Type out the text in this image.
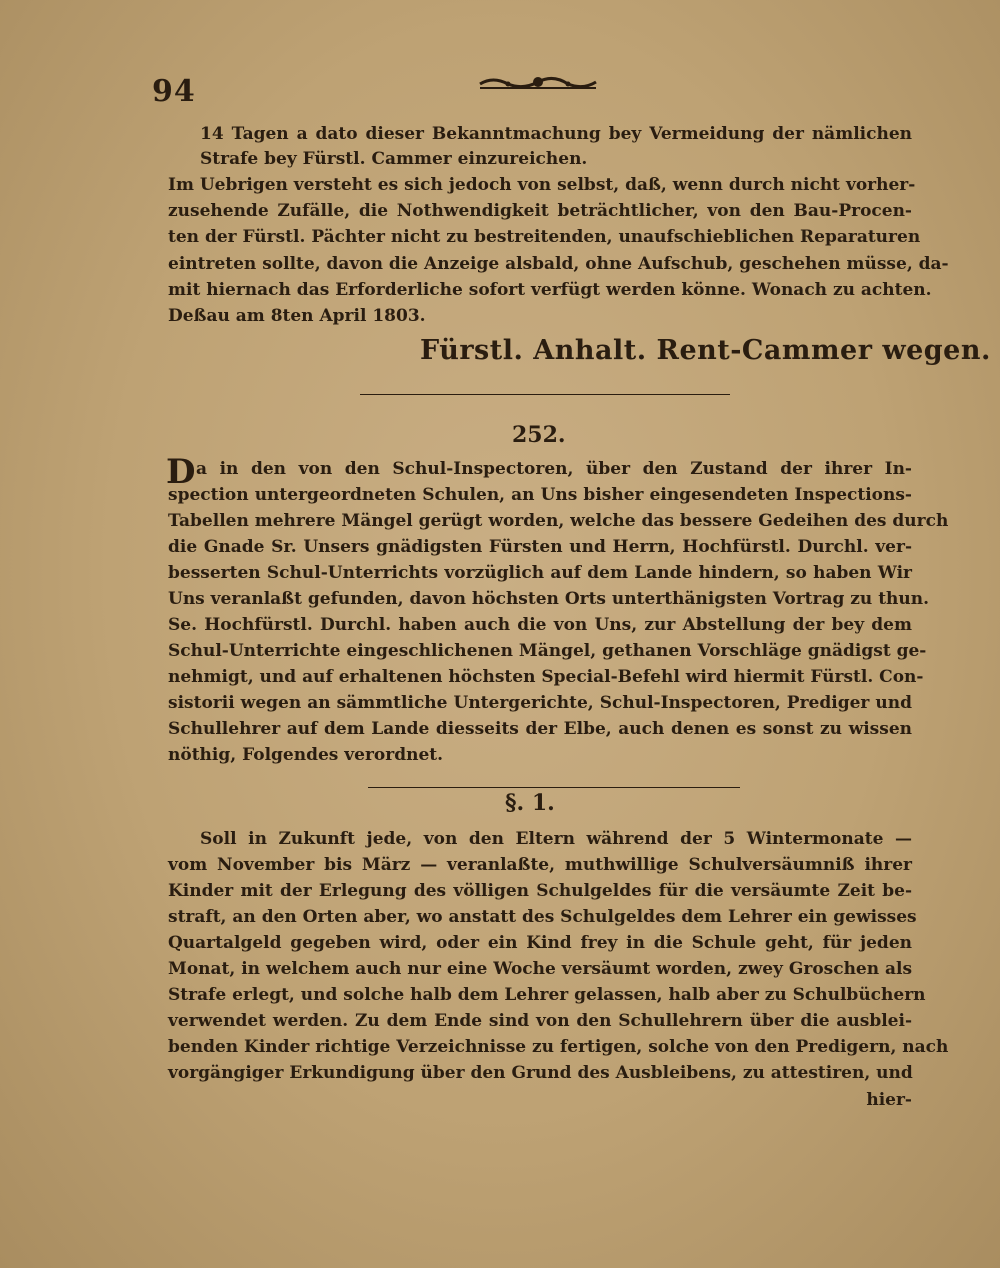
94
14 Tagen a dato dieser Bekanntmachung bey Vermeidung der nämlichen
Strafe bey Fürstl. Cammer einzureichen.
Im Uebrigen versteht es sich jedoch von selbst, daß, wenn durch nicht vorher-
zusehende Zufälle, die Nothwendigkeit beträchtlicher, von den Bau-Procen-
ten der Fürstl. Pächter nicht zu bestreitenden, unaufschieblichen Reparaturen
eintreten sollte, davon die Anzeige alsbald, ohne Aufschub, geschehen müsse, da-
mit hiernach das Erforderliche sofort verfügt werden könne. Wonach zu achten.
Deßau am 8ten April 1803.
Fürstl. Anhalt. Rent-Cammer wegen.
252.
D a in den von den Schul-Inspectoren, über den Zustand der ihrer In-
spection untergeordneten Schulen, an Uns bisher eingesendeten Inspections-
Tabellen mehrere Mängel gerügt worden, welche das bessere Gedeihen des durch
die Gnade Sr. Unsers gnädigsten Fürsten und Herrn, Hochfürstl. Durchl. ver-
besserten Schul-Unterrichts vorzüglich auf dem Lande hindern, so haben Wir
Uns veranlaßt gefunden, davon höchsten Orts unterthänigsten Vortrag zu thun.
Se. Hochfürstl. Durchl. haben auch die von Uns, zur Abstellung der bey dem
Schul-Unterrichte eingeschlichenen Mängel, gethanen Vorschläge gnädigst ge-
nehmigt, und auf erhaltenen höchsten Special-Befehl wird hiermit Fürstl. Con-
sistorii wegen an sämmtliche Untergerichte, Schul-Inspectoren, Prediger und
Schullehrer auf dem Lande diesseits der Elbe, auch denen es sonst zu wissen
nöthig, Folgendes verordnet.
§. 1.
Soll in Zukunft jede, von den Eltern während der 5 Wintermonate —
vom November bis März — veranlaßte, muthwillige Schulversäumniß ihrer
Kinder mit der Erlegung des völligen Schulgeldes für die versäumte Zeit be-
straft, an den Orten aber, wo anstatt des Schulgeldes dem Lehrer ein gewisses
Quartalgeld gegeben wird, oder ein Kind frey in die Schule geht, für jeden
Monat, in welchem auch nur eine Woche versäumt worden, zwey Groschen als
Strafe erlegt, und solche halb dem Lehrer gelassen, halb aber zu Schulbüchern
verwendet werden. Zu dem Ende sind von den Schullehrern über die ausblei-
benden Kinder richtige Verzeichnisse zu fertigen, solche von den Predigern, nach
vorgängiger Erkundigung über den Grund des Ausbleibens, zu attestiren, und
hier-
